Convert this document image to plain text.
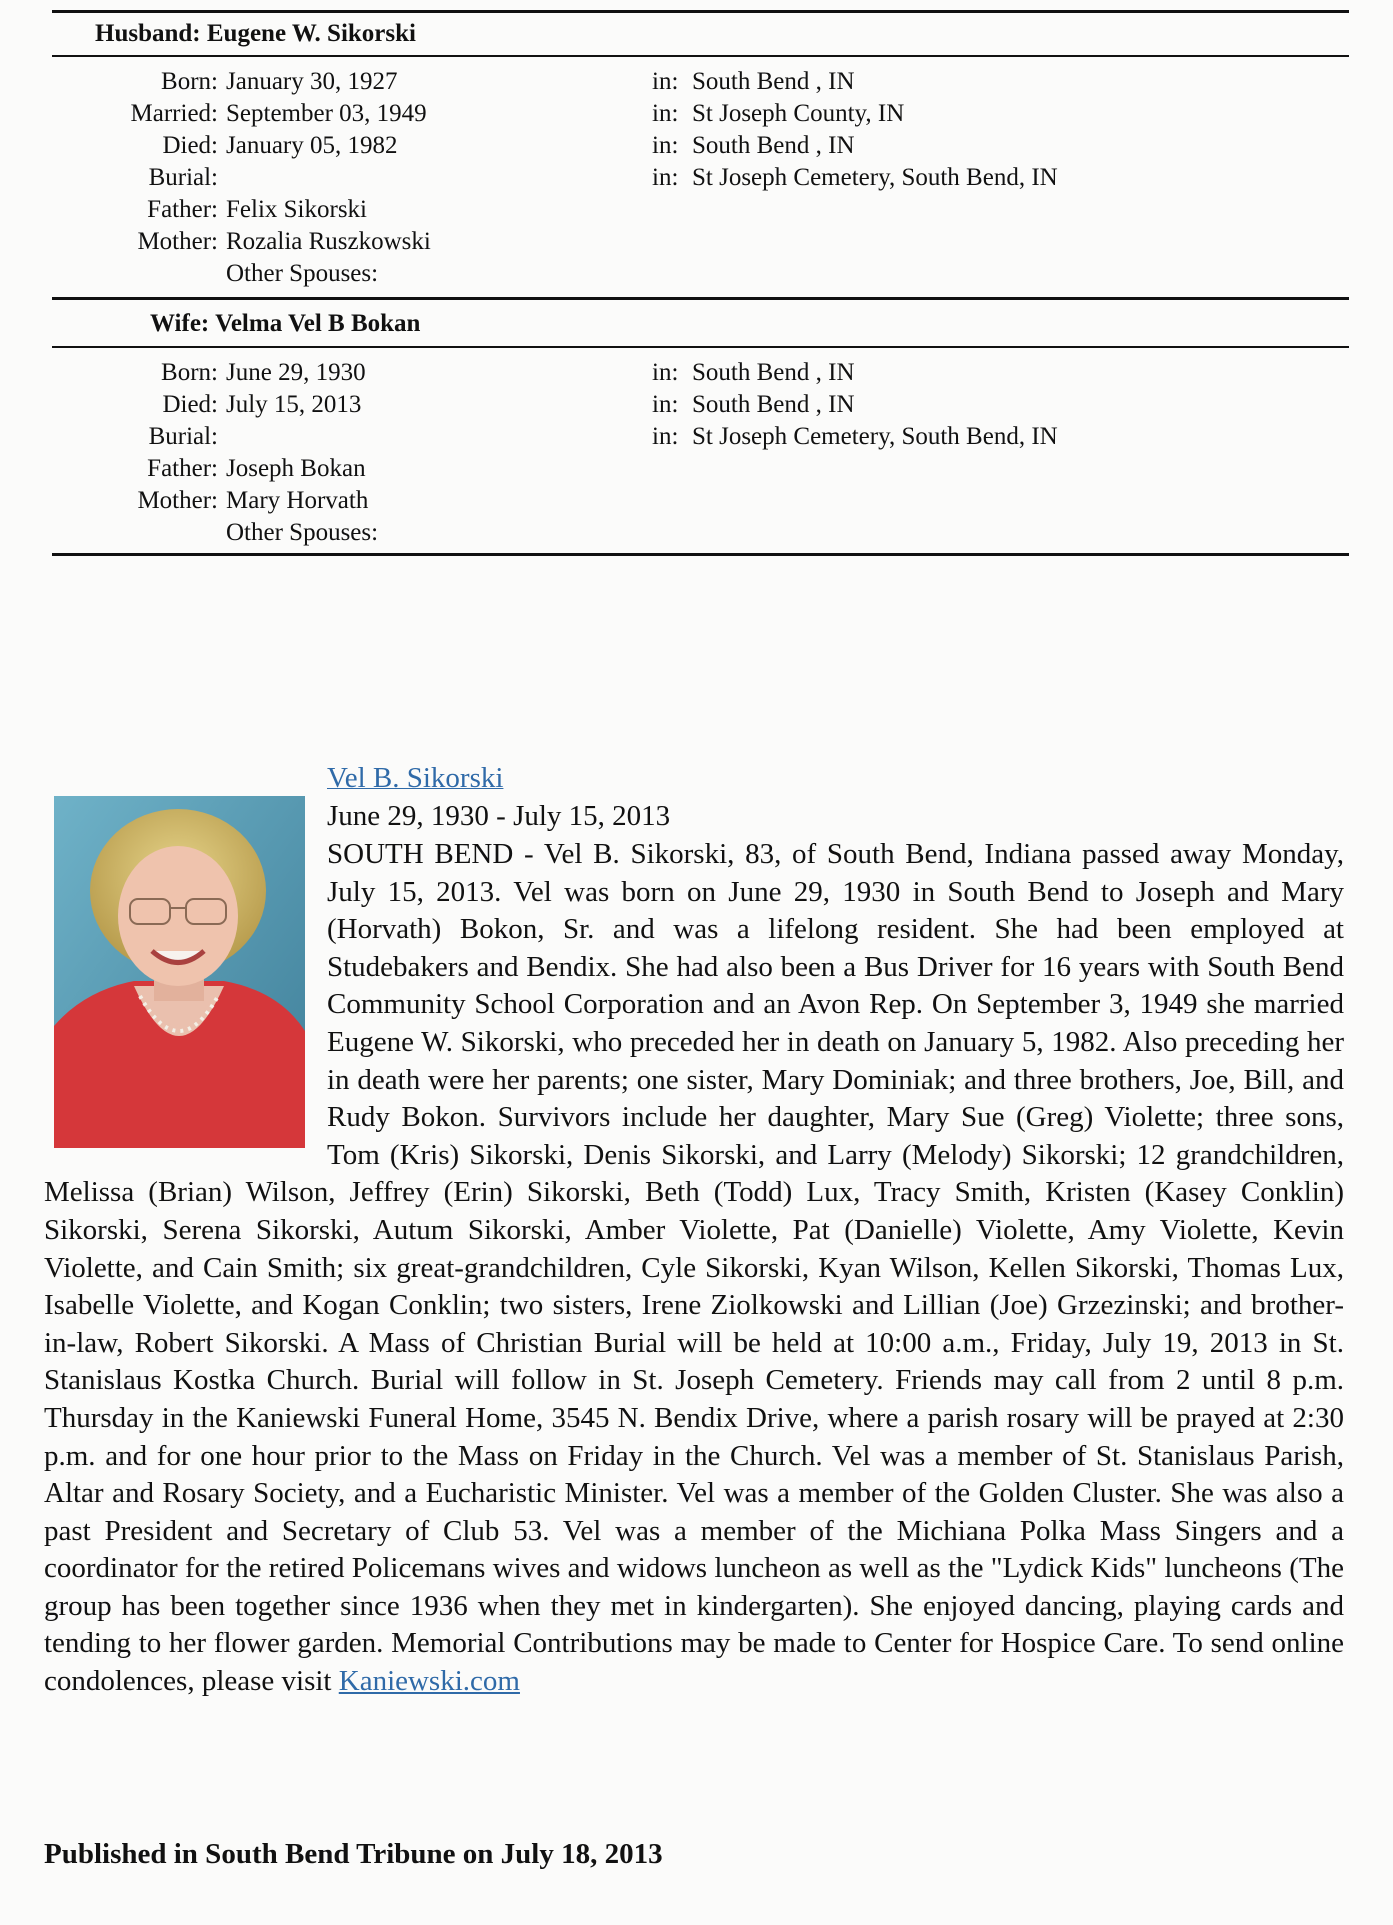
Husband: Eugene W. Sikorski
Born: January 30, 1927	in: South Bend , IN
Married: September 03, 1949	in: St Joseph County, IN
Died: January 05, 1982	in: South Bend , IN
Burial:	in: St Joseph Cemetery, South Bend, IN
Father: Felix Sikorski
Mother: Rozalia Ruszkowski
Other Spouses:
Wife: Velma Vel B Bokan
Born: June 29, 1930	in: South Bend , IN
Died: July 15, 2013	in: South Bend , IN
Burial:	in: St Joseph Cemetery, South Bend, IN
Father: Joseph Bokan
Mother: Mary Horvath
Other Spouses:
Vel B. Sikorski
June 29, 1930 - July 15, 2013
SOUTH BEND - Vel B. Sikorski, 83, of South Bend, Indiana passed away Monday, July 15, 2013. Vel was born on June 29, 1930 in South Bend to Joseph and Mary (Horvath) Bokon, Sr. and was a lifelong resident. She had been employed at Studebakers and Bendix. She had also been a Bus Driver for 16 years with South Bend Community School Corporation and an Avon Rep. On September 3, 1949 she married Eugene W. Sikorski, who preceded her in death on January 5, 1982. Also preceding her in death were her parents; one sister, Mary Dominiak; and three brothers, Joe, Bill, and Rudy Bokon. Survivors include her daughter, Mary Sue (Greg) Violette; three sons, Tom (Kris) Sikorski, Denis Sikorski, and Larry (Melody) Sikorski; 12 grandchildren, Melissa (Brian) Wilson, Jeffrey (Erin) Sikorski, Beth (Todd) Lux, Tracy Smith, Kristen (Kasey Conklin) Sikorski, Serena Sikorski, Autum Sikorski, Amber Violette, Pat (Danielle) Violette, Amy Violette, Kevin Violette, and Cain Smith; six great-grandchildren, Cyle Sikorski, Kyan Wilson, Kellen Sikorski, Thomas Lux, Isabelle Violette, and Kogan Conklin; two sisters, Irene Ziolkowski and Lillian (Joe) Grzezinski; and brother-in-law, Robert Sikorski. A Mass of Christian Burial will be held at 10:00 a.m., Friday, July 19, 2013 in St. Stanislaus Kostka Church. Burial will follow in St. Joseph Cemetery. Friends may call from 2 until 8 p.m. Thursday in the Kaniewski Funeral Home, 3545 N. Bendix Drive, where a parish rosary will be prayed at 2:30 p.m. and for one hour prior to the Mass on Friday in the Church. Vel was a member of St. Stanislaus Parish, Altar and Rosary Society, and a Eucharistic Minister. Vel was a member of the Golden Cluster. She was also a past President and Secretary of Club 53. Vel was a member of the Michiana Polka Mass Singers and a coordinator for the retired Policemans wives and widows luncheon as well as the "Lydick Kids" luncheons (The group has been together since 1936 when they met in kindergarten). She enjoyed dancing, playing cards and tending to her flower garden. Memorial Contributions may be made to Center for Hospice Care. To send online condolences, please visit Kaniewski.com
Published in South Bend Tribune on July 18, 2013
